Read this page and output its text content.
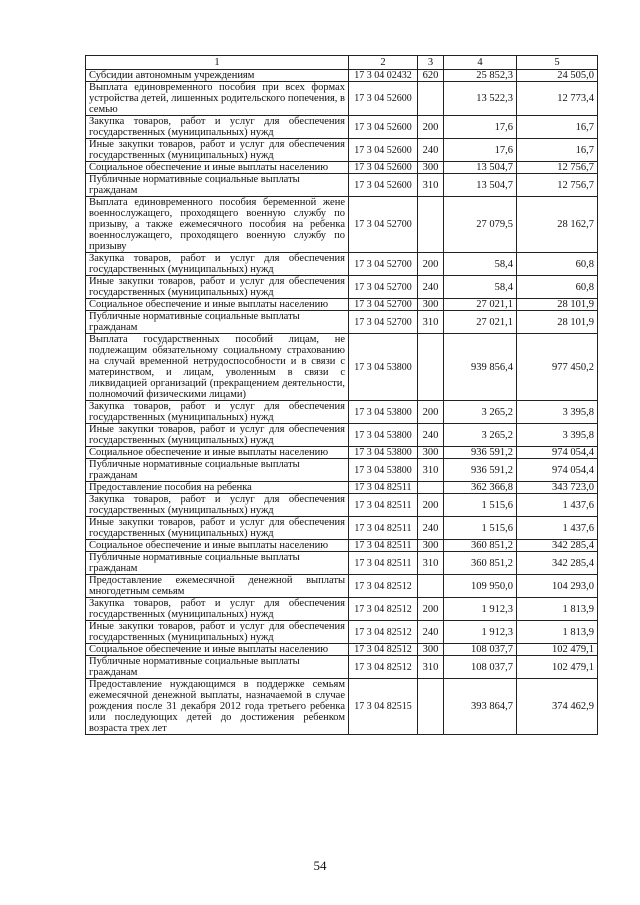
1	2	3	4	5
Субсидии автономным учреждениям	17 3 04 02432	620	25 852,3	24 505,0
Выплата единовременного пособия при всех формах устройства детей, лишенных родительского попечения, в семью	17 3 04 52600		13 522,3	12 773,4
Закупка товаров, работ и услуг для обеспечения государственных (муниципальных) нужд	17 3 04 52600	200	17,6	16,7
Иные закупки товаров, работ и услуг для обеспечения государственных (муниципальных) нужд	17 3 04 52600	240	17,6	16,7
Социальное обеспечение и иные выплаты населению	17 3 04 52600	300	13 504,7	12 756,7
Публичные нормативные социальные выплаты гражданам	17 3 04 52600	310	13 504,7	12 756,7
Выплата единовременного пособия беременной жене военнослужащего, проходящего военную службу по призыву, а также ежемесячного пособия на ребенка военнослужащего, проходящего военную службу по призыву	17 3 04 52700		27 079,5	28 162,7
Закупка товаров, работ и услуг для обеспечения государственных (муниципальных) нужд	17 3 04 52700	200	58,4	60,8
Иные закупки товаров, работ и услуг для обеспечения государственных (муниципальных) нужд	17 3 04 52700	240	58,4	60,8
Социальное обеспечение и иные выплаты населению	17 3 04 52700	300	27 021,1	28 101,9
Публичные нормативные социальные выплаты гражданам	17 3 04 52700	310	27 021,1	28 101,9
Выплата государственных пособий лицам, не подлежащим обязательному социальному страхованию на случай временной нетрудоспособности и в связи с материнством, и лицам, уволенным в связи с ликвидацией организаций (прекращением деятельности, полномочий физическими лицами)	17 3 04 53800		939 856,4	977 450,2
Закупка товаров, работ и услуг для обеспечения государственных (муниципальных) нужд	17 3 04 53800	200	3 265,2	3 395,8
Иные закупки товаров, работ и услуг для обеспечения государственных (муниципальных) нужд	17 3 04 53800	240	3 265,2	3 395,8
Социальное обеспечение и иные выплаты населению	17 3 04 53800	300	936 591,2	974 054,4
Публичные нормативные социальные выплаты гражданам	17 3 04 53800	310	936 591,2	974 054,4
Предоставление пособия на ребенка	17 3 04 82511		362 366,8	343 723,0
Закупка товаров, работ и услуг для обеспечения государственных (муниципальных) нужд	17 3 04 82511	200	1 515,6	1 437,6
Иные закупки товаров, работ и услуг для обеспечения государственных (муниципальных) нужд	17 3 04 82511	240	1 515,6	1 437,6
Социальное обеспечение и иные выплаты населению	17 3 04 82511	300	360 851,2	342 285,4
Публичные нормативные социальные выплаты гражданам	17 3 04 82511	310	360 851,2	342 285,4
Предоставление ежемесячной денежной выплаты многодетным семьям	17 3 04 82512		109 950,0	104 293,0
Закупка товаров, работ и услуг для обеспечения государственных (муниципальных) нужд	17 3 04 82512	200	1 912,3	1 813,9
Иные закупки товаров, работ и услуг для обеспечения государственных (муниципальных) нужд	17 3 04 82512	240	1 912,3	1 813,9
Социальное обеспечение и иные выплаты населению	17 3 04 82512	300	108 037,7	102 479,1
Публичные нормативные социальные выплаты гражданам	17 3 04 82512	310	108 037,7	102 479,1
Предоставление нуждающимся в поддержке семьям ежемесячной денежной выплаты, назначаемой в случае рождения после 31 декабря 2012 года третьего ребенка или последующих детей до достижения ребенком возраста трех лет	17 3 04 82515		393 864,7	374 462,9
54
